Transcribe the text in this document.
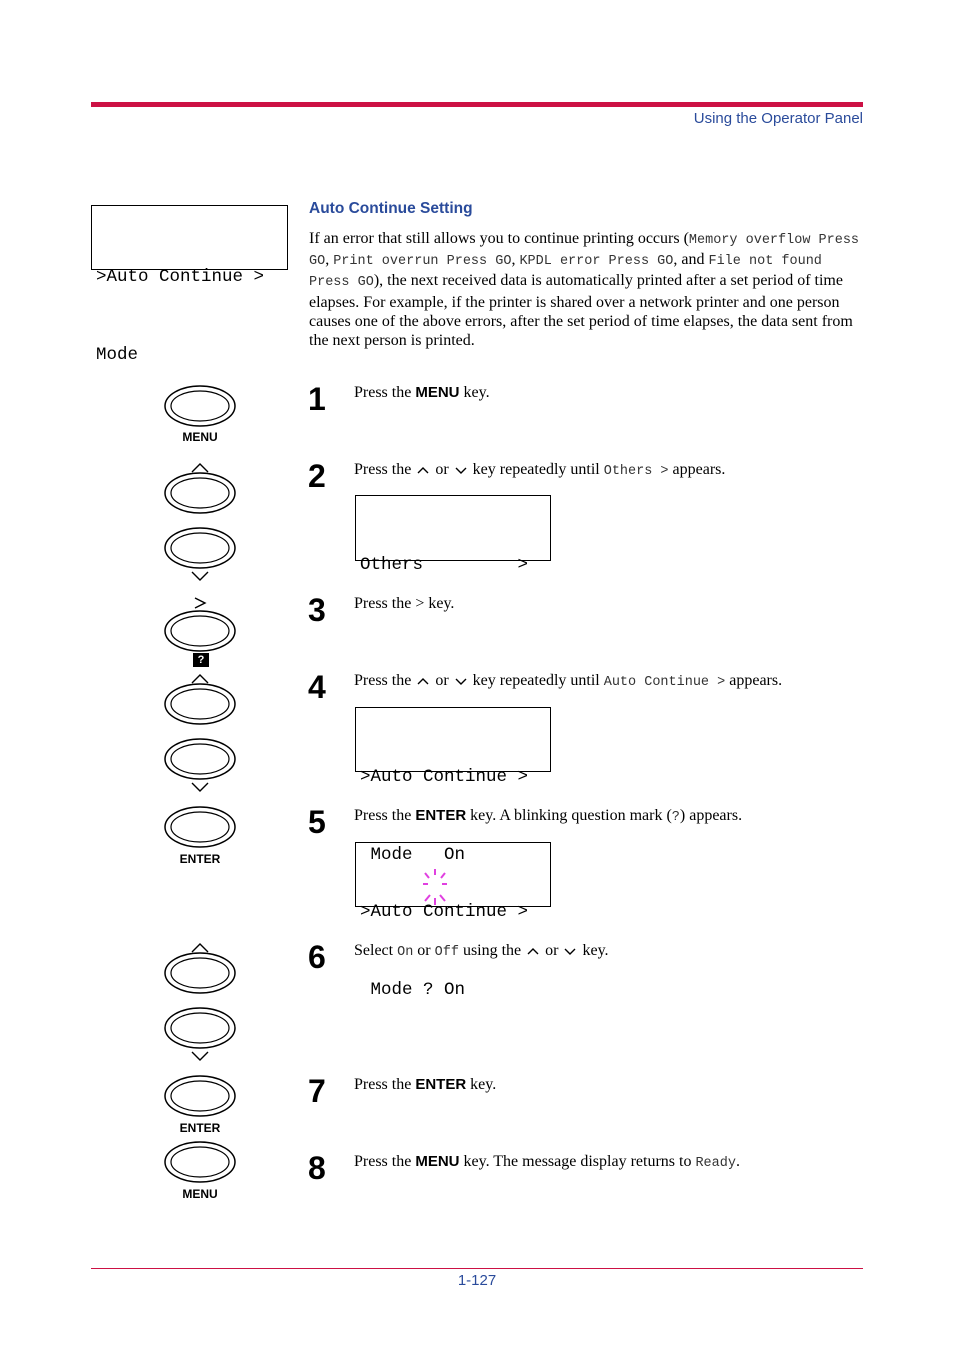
Using the Operator Panel
1-127

>Auto Continue >

Mode

Auto Continue Setting
If an error that still allows you to continue printing occurs (Memory overflow Press GO, Print overrun Press GO, KPDL error Press GO, and File not found Press GO), the next received data is automatically printed after a set period of time elapses. For example, if the printer is shared over a network printer and one person causes one of the above errors, after the set period of time elapses, the data sent from the next person is printed.
MENU
1 Press the MENU key.
2 Press the  or  key repeatedly until Others > appears.

Others         >

?
3 Press the > key.
4 Press the  or  key repeatedly until Auto Continue > appears.

>Auto Continue >

Mode   On

ENTER
5 Press the ENTER key. A blinking question mark (?) appears.

>Auto Continue >

Mode ? On

6 Select On or Off using the  or  key.
ENTER
7 Press the ENTER key.
MENU
8 Press the MENU key. The message display returns to Ready.
